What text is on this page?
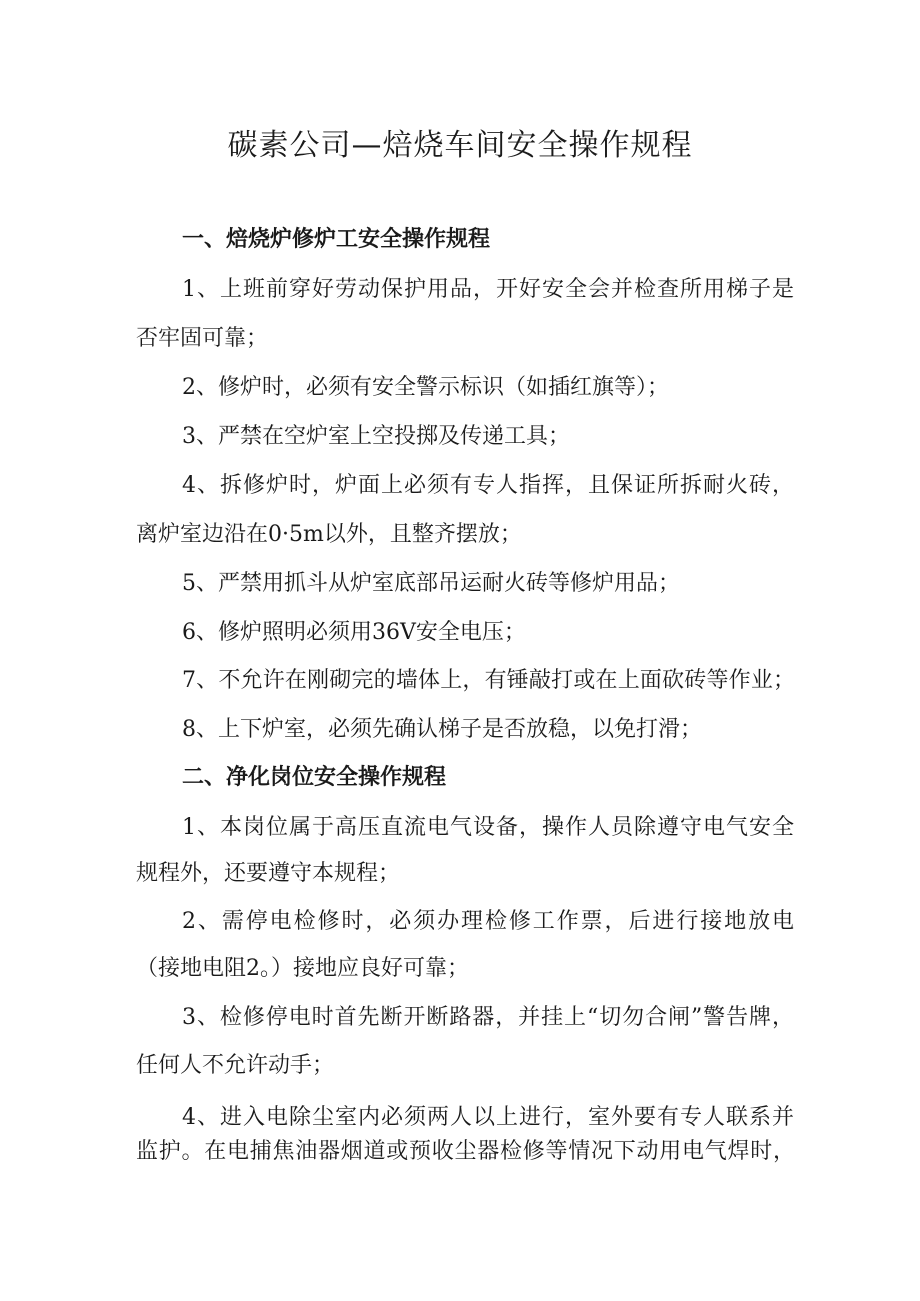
碳素公司—焙烧车间安全操作规程
一、焙烧炉修炉工安全操作规程
1、上班前穿好劳动保护用品，开好安全会并检查所用梯子是
否牢固可靠；
2、修炉时，必须有安全警示标识（如插红旗等）；
3、严禁在空炉室上空投掷及传递工具；
4、拆修炉时，炉面上必须有专人指挥，且保证所拆耐火砖，
离炉室边沿在0·5m以外，且整齐摆放；
5、严禁用抓斗从炉室底部吊运耐火砖等修炉用品；
6、修炉照明必须用36V安全电压；
7、不允许在刚砌完的墙体上，有锤敲打或在上面砍砖等作业；
8、上下炉室，必须先确认梯子是否放稳，以免打滑；
二、净化岗位安全操作规程
1、本岗位属于高压直流电气设备，操作人员除遵守电气安全
规程外，还要遵守本规程；
2、需停电检修时，必须办理检修工作票，后进行接地放电
（接地电阻2。）接地应良好可靠；
3、检修停电时首先断开断路器，并挂上“切勿合闸”警告牌，
任何人不允许动手；
4、进入电除尘室内必须两人以上进行，室外要有专人联系并
监护。在电捕焦油器烟道或预收尘器检修等情况下动用电气焊时，
